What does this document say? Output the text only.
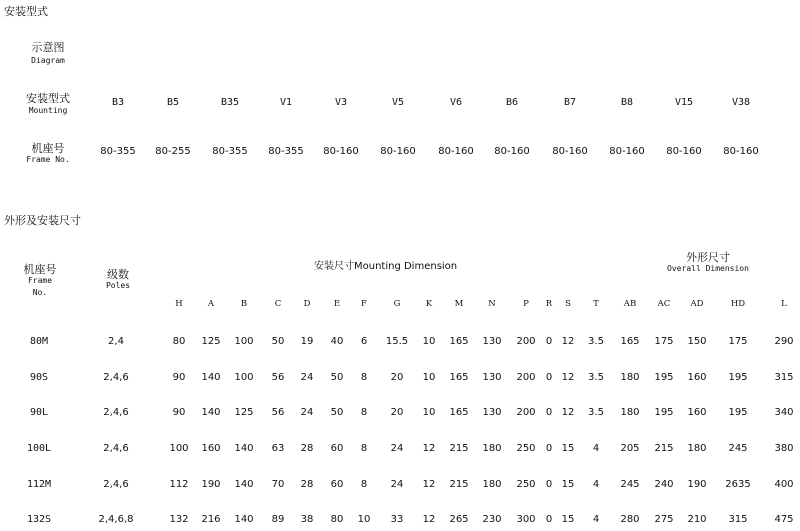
安装型式
示意图
Diagram
安装型式
Mounting
机座号
Frame No.
B3	B5	B35	V1	V3	V5	V6	B6	B7	B8	V15	V38
80-355 80-255 80-355 80-355 80-160 80-160 80-160 80-160 80-160 80-160 80-160 80-160
外形及安装尺寸
机座号
Frame
No.
级数
Poles
安装尺寸Mounting Dimension
外形尺寸
Overall Dimension
H	A	B	C	D	E F	G	K	M	N	P R S	T	AB	AC AD	HD	L
80M	2,4	80 125 100 50 19 40 6 15.5 10 165 130 200 0 12 3.5 165 175 150 175	290
90S	2,4,6	90 140 100 56 24 50 8 20 10 165 130 200 0 12 3.5 180 195 160 195	315
90L	2,4,6	90 140 125 56 24 50 8 20 10 165 130 200 0 12 3.5 180 195 160 195	340
100L	2,4,6	100 160 140 63 28 60 8 24 12 215 180 250 0 15 4 205 215 180 245	380
112M	2,4,6	112 190 140 70 28 60 8 24 12 215 180 250 0 15 4 245 240 190 2635 400
132S	2,4,6,8	132 216 140 89 38 80 10 33 12 265 230 300 0 15 4 280 275 210 315	475
